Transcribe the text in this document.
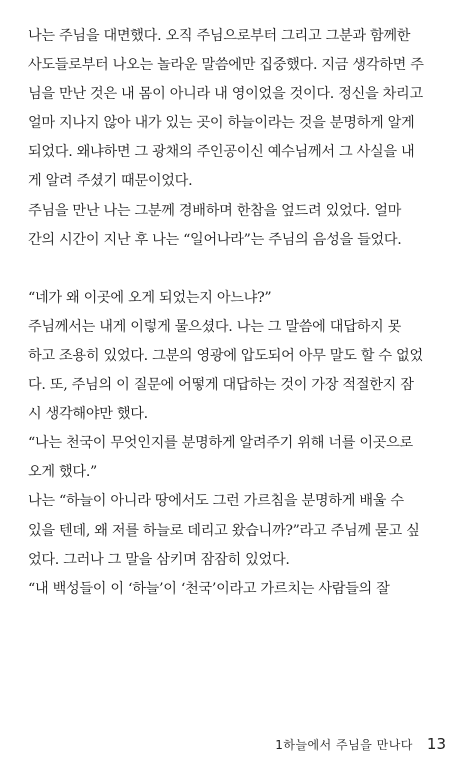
나는 주님을 대면했다. 오직 주님으로부터 그리고 그분과 함께한
사도들로부터 나오는 놀라운 말씀에만 집중했다. 지금 생각하면 주
님을 만난 것은 내 몸이 아니라 내 영이었을 것이다. 정신을 차리고
얼마 지나지 않아 내가 있는 곳이 하늘이라는 것을 분명하게 알게
되었다. 왜냐하면 그 광채의 주인공이신 예수님께서 그 사실을 내
게 알려 주셨기 때문이었다.

주님을 만난 나는 그분께 경배하며 한참을 엎드려 있었다. 얼마
간의 시간이 지난 후 나는 “일어나라”는 주님의 음성을 들었다.

“네가 왜 이곳에 오게 되었는지 아느냐?”

주님께서는 내게 이렇게 물으셨다. 나는 그 말씀에 대답하지 못
하고 조용히 있었다. 그분의 영광에 압도되어 아무 말도 할 수 없었
다. 또, 주님의 이 질문에 어떻게 대답하는 것이 가장 적절한지 잠
시 생각해야만 했다.

“나는 천국이 무엇인지를 분명하게 알려주기 위해 너를 이곳으로
오게 했다.”

나는 “하늘이 아니라 땅에서도 그런 가르침을 분명하게 배울 수
있을 텐데, 왜 저를 하늘로 데리고 왔습니까?”라고 주님께 묻고 싶
었다. 그러나 그 말을 삼키며 잠잠히 있었다.

“내 백성들이 이 ‘하늘’이 ‘천국’이라고 가르치는 사람들의 잘

1하늘에서 주님을 만나다 13
